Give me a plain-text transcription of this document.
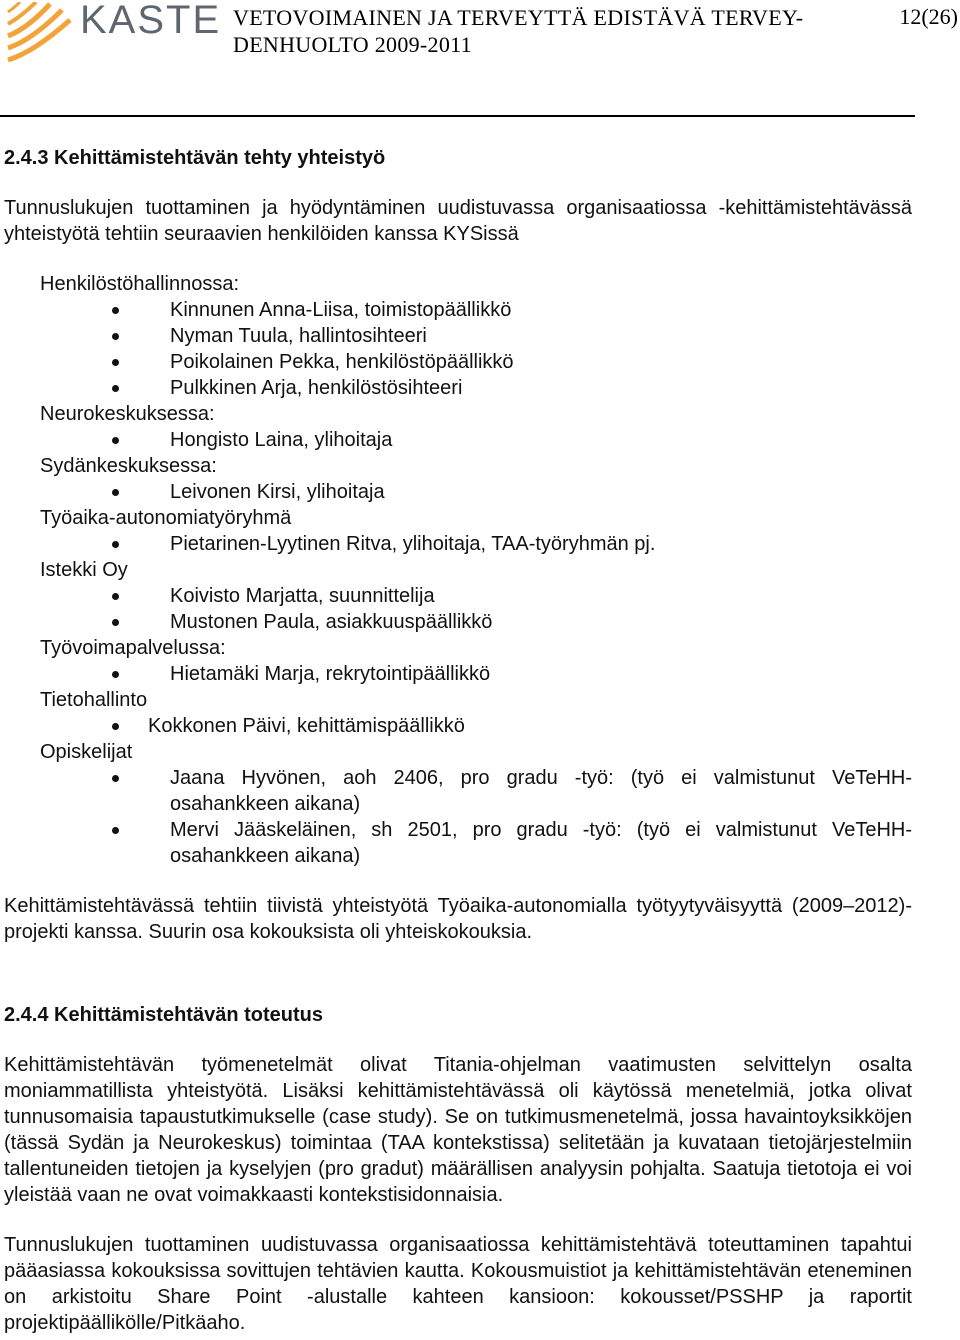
KASTE VETOVOIMAINEN JA TERVEYTTÄ EDISTÄVÄ TERVEY-DENHUOLTO 2009-2011
12(26)
2.4.3 Kehittämistehtävän tehty yhteistyö

Tunnuslukujen tuottaminen ja hyödyntäminen uudistuvassa organisaatiossa -kehittämistehtävässä yhteistyötä tehtiin seuraavien henkilöiden kanssa KYSissä

Henkilöstöhallinnossa:
Kinnunen Anna-Liisa, toimistopäällikkö
Nyman Tuula, hallintosihteeri
Poikolainen Pekka, henkilöstöpäällikkö
Pulkkinen Arja, henkilöstösihteeri
Neurokeskuksessa:
Hongisto Laina, ylihoitaja
Sydänkeskuksessa:
Leivonen Kirsi, ylihoitaja
Työaika-autonomiatyöryhmä
Pietarinen-Lyytinen Ritva, ylihoitaja, TAA-työryhmän pj.
Istekki Oy
Koivisto Marjatta, suunnittelija
Mustonen Paula, asiakkuuspäällikkö
Työvoimapalvelussa:
Hietamäki Marja, rekrytointipäällikkö
Tietohallinto
Kokkonen Päivi, kehittämispäällikkö
Opiskelijat
Jaana Hyvönen, aoh 2406, pro gradu -työ: (työ ei valmistunut VeTeHH-osahankkeen aikana)
Mervi Jääskeläinen, sh 2501, pro gradu -työ: (työ ei valmistunut VeTeHH-osahankkeen aikana)

Kehittämistehtävässä tehtiin tiivistä yhteistyötä Työaika-autonomialla työtyytyväisyyttä (2009–2012)-projekti kanssa. Suurin osa kokouksista oli yhteiskokouksia.

2.4.4 Kehittämistehtävän toteutus

Kehittämistehtävän työmenetelmät olivat Titania-ohjelman vaatimusten selvittelyn osalta moniammatillista yhteistyötä. Lisäksi kehittämistehtävässä oli käytössä menetelmiä, jotka olivat tunnusomaisia tapaustutkimukselle (case study). Se on tutkimusmenetelmä, jossa havaintoyksikköjen (tässä Sydän ja Neurokeskus) toimintaa (TAA kontekstissa) selitetään ja kuvataan tietojärjestelmiin tallentuneiden tietojen ja kyselyjen (pro gradut) määrällisen analyysin pohjalta. Saatuja tietotoja ei voi yleistää vaan ne ovat voimakkaasti kontekstisidonnaisia.

Tunnuslukujen tuottaminen uudistuvassa organisaatiossa kehittämistehtävä toteuttaminen tapahtui pääasiassa kokouksissa sovittujen tehtävien kautta. Kokousmuistiot ja kehittämistehtävän eteneminen on arkistoitu Share Point -alustalle kahteen kansioon: kokousset/PSSHP ja raportit projektipäällikölle/Pitkäaho.
